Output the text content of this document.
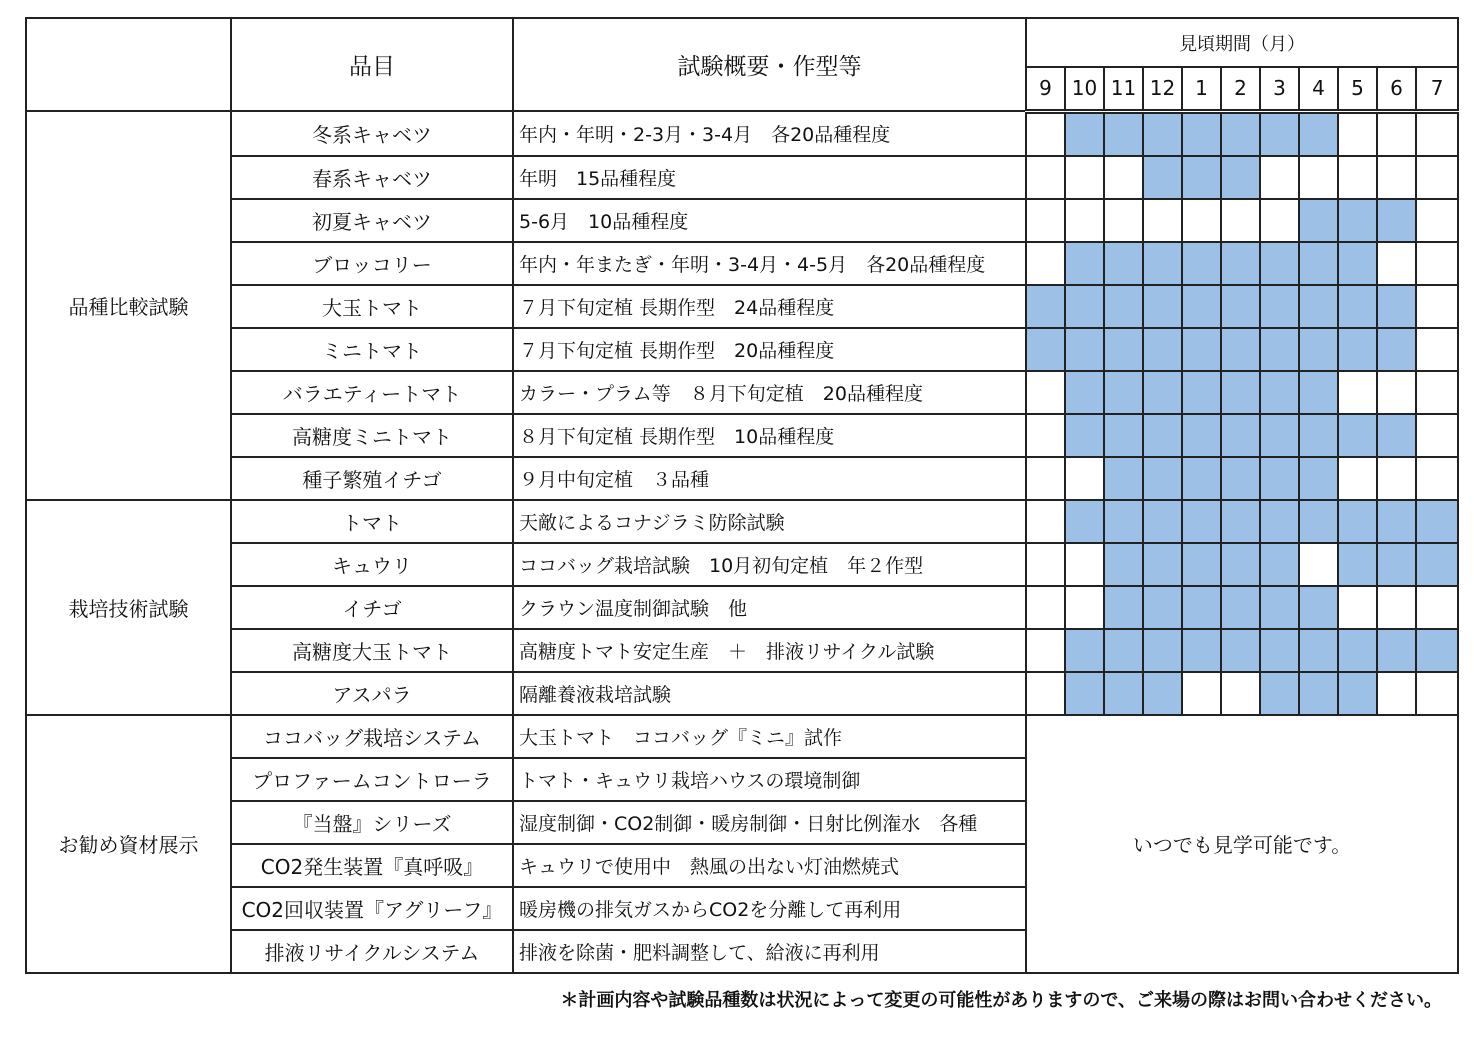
	品目	試験概要・作型等	見頃期間（月）										
			9	10	11	12	1	2	3	4	5	6	7
品種比較試験	冬系キャベツ	年内・年明・2-3月・3-4月　各20品種程度											
	春系キャベツ	年明　15品種程度											
	初夏キャベツ	5-6月　10品種程度											
	ブロッコリー	年内・年またぎ・年明・3-4月・4-5月　各20品種程度											
	大玉トマト	７月下旬定植 長期作型　24品種程度											
	ミニトマト	７月下旬定植 長期作型　20品種程度											
	バラエティートマト	カラー・プラム等　８月下旬定植　20品種程度											
	高糖度ミニトマト	８月下旬定植 長期作型　10品種程度											
	種子繁殖イチゴ	９月中旬定植　３品種											
栽培技術試験	トマト	天敵によるコナジラミ防除試験											
	キュウリ	ココバッグ栽培試験　10月初旬定植　年２作型											
	イチゴ	クラウン温度制御試験　他											
	高糖度大玉トマト	高糖度トマト安定生産　＋　排液リサイクル試験											
	アスパラ	隔離養液栽培試験											
お勧め資材展示	ココバッグ栽培システム	大玉トマト　ココバッグ『ミニ』試作	いつでも見学可能です。										
	プロファームコントローラ	トマト・キュウリ栽培ハウスの環境制御											
	『当盤』シリーズ	湿度制御・CO2制御・暖房制御・日射比例潅水　各種											
	CO2発生装置『真呼吸』	キュウリで使用中　熱風の出ない灯油燃焼式											
	CO2回収装置『アグリーフ』	暖房機の排気ガスからCO2を分離して再利用											
	排液リサイクルシステム	排液を除菌・肥料調整して、給液に再利用											
＊計画内容や試験品種数は状況によって変更の可能性がありますので、ご来場の際はお問い合わせください。
